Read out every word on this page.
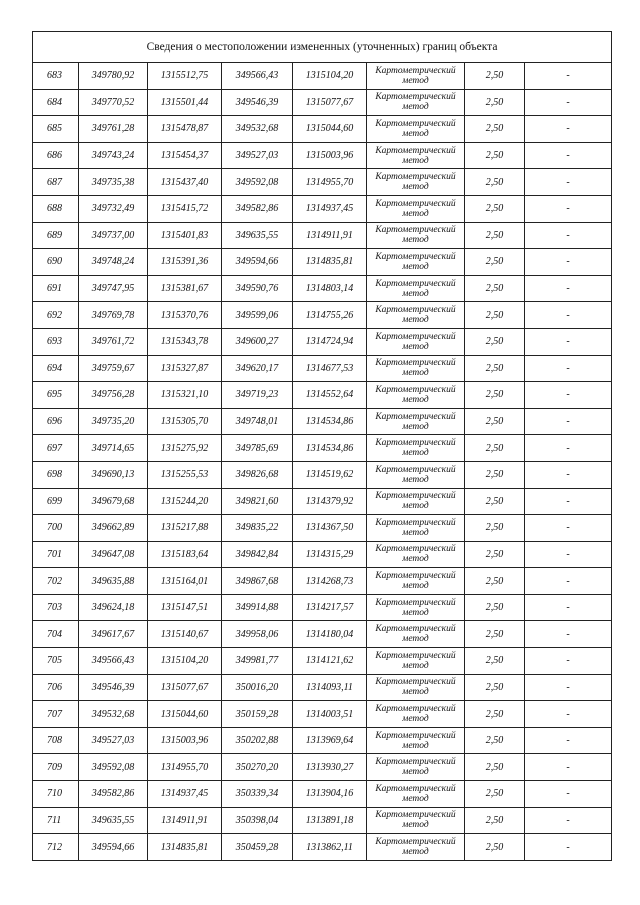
Сведения о местоположении измененных (уточненных) границ объекта							
683	349780,92	1315512,75	349566,43	1315104,20	Картометрический метод	2,50	-
684	349770,52	1315501,44	349546,39	1315077,67	Картометрический метод	2,50	-
685	349761,28	1315478,87	349532,68	1315044,60	Картометрический метод	2,50	-
686	349743,24	1315454,37	349527,03	1315003,96	Картометрический метод	2,50	-
687	349735,38	1315437,40	349592,08	1314955,70	Картометрический метод	2,50	-
688	349732,49	1315415,72	349582,86	1314937,45	Картометрический метод	2,50	-
689	349737,00	1315401,83	349635,55	1314911,91	Картометрический метод	2,50	-
690	349748,24	1315391,36	349594,66	1314835,81	Картометрический метод	2,50	-
691	349747,95	1315381,67	349590,76	1314803,14	Картометрический метод	2,50	-
692	349769,78	1315370,76	349599,06	1314755,26	Картометрический метод	2,50	-
693	349761,72	1315343,78	349600,27	1314724,94	Картометрический метод	2,50	-
694	349759,67	1315327,87	349620,17	1314677,53	Картометрический метод	2,50	-
695	349756,28	1315321,10	349719,23	1314552,64	Картометрический метод	2,50	-
696	349735,20	1315305,70	349748,01	1314534,86	Картометрический метод	2,50	-
697	349714,65	1315275,92	349785,69	1314534,86	Картометрический метод	2,50	-
698	349690,13	1315255,53	349826,68	1314519,62	Картометрический метод	2,50	-
699	349679,68	1315244,20	349821,60	1314379,92	Картометрический метод	2,50	-
700	349662,89	1315217,88	349835,22	1314367,50	Картометрический метод	2,50	-
701	349647,08	1315183,64	349842,84	1314315,29	Картометрический метод	2,50	-
702	349635,88	1315164,01	349867,68	1314268,73	Картометрический метод	2,50	-
703	349624,18	1315147,51	349914,88	1314217,57	Картометрический метод	2,50	-
704	349617,67	1315140,67	349958,06	1314180,04	Картометрический метод	2,50	-
705	349566,43	1315104,20	349981,77	1314121,62	Картометрический метод	2,50	-
706	349546,39	1315077,67	350016,20	1314093,11	Картометрический метод	2,50	-
707	349532,68	1315044,60	350159,28	1314003,51	Картометрический метод	2,50	-
708	349527,03	1315003,96	350202,88	1313969,64	Картометрический метод	2,50	-
709	349592,08	1314955,70	350270,20	1313930,27	Картометрический метод	2,50	-
710	349582,86	1314937,45	350339,34	1313904,16	Картометрический метод	2,50	-
711	349635,55	1314911,91	350398,04	1313891,18	Картометрический метод	2,50	-
712	349594,66	1314835,81	350459,28	1313862,11	Картометрический метод	2,50	-
